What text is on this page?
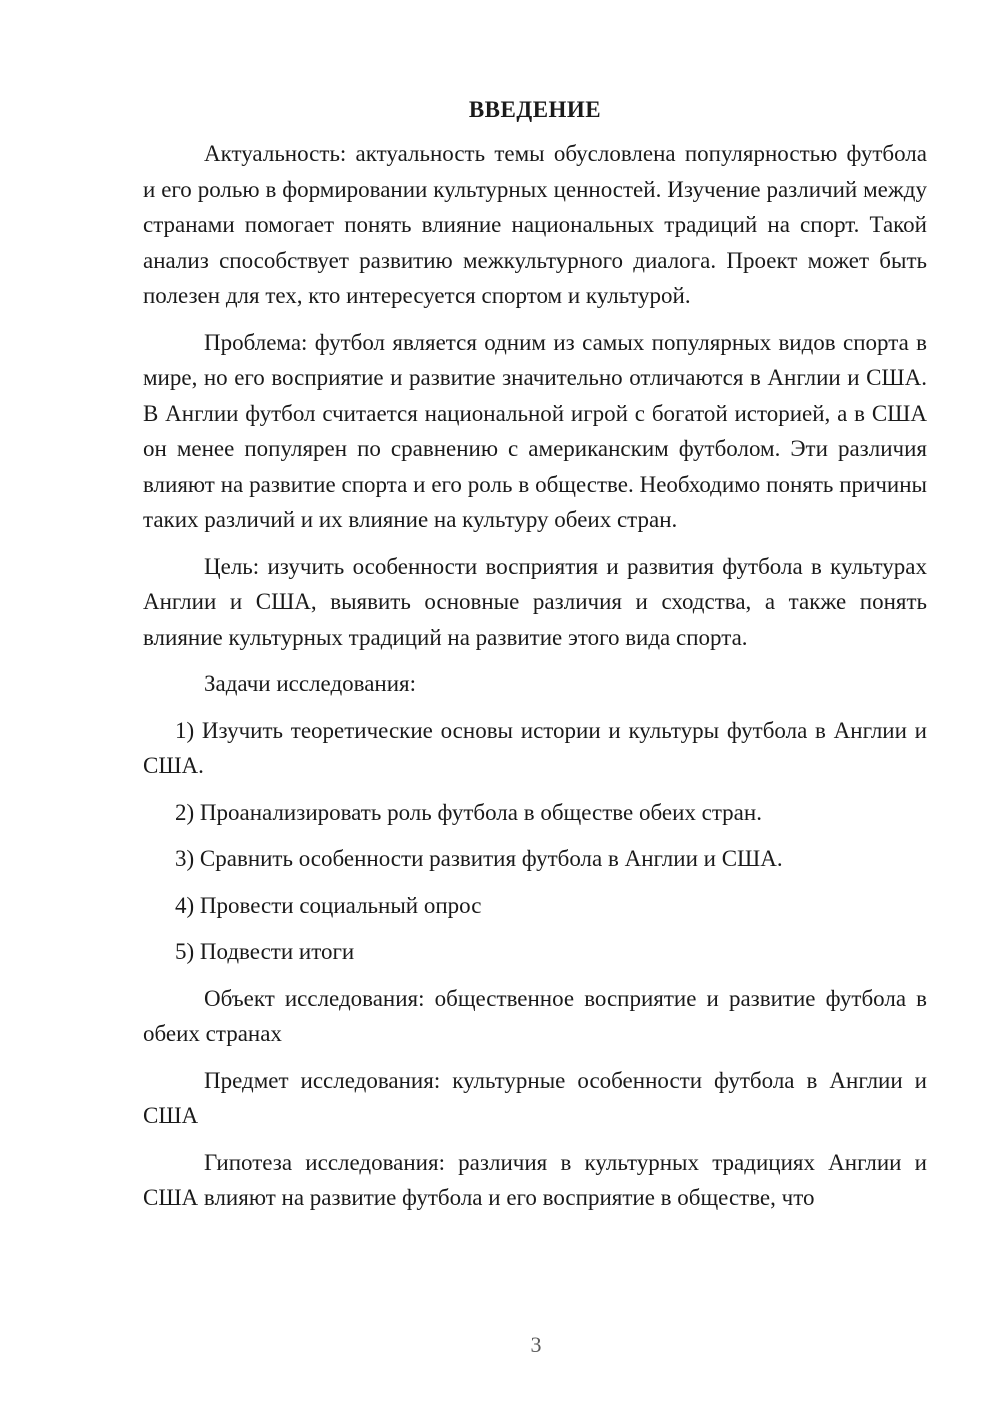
ВВЕДЕНИЕ

Актуальность: актуальность темы обусловлена популярностью футбола и его ролью в формировании культурных ценностей. Изучение различий между странами помогает понять влияние национальных традиций на спорт. Такой анализ способствует развитию межкультурного диалога. Проект может быть полезен для тех, кто интересуется спортом и культурой.

Проблема: футбол является одним из самых популярных видов спорта в мире, но его восприятие и развитие значительно отличаются в Англии и США. В Англии футбол считается национальной игрой с богатой историей, а в США он менее популярен по сравнению с американским футболом. Эти различия влияют на развитие спорта и его роль в обществе. Необходимо понять причины таких различий и их влияние на культуру обеих стран.

Цель: изучить особенности восприятия и развития футбола в культурах Англии и США, выявить основные различия и сходства, а также понять влияние культурных традиций на развитие этого вида спорта.

Задачи исследования:

1) Изучить теоретические основы истории и культуры футбола в Англии и США.

2) Проанализировать роль футбола в обществе обеих стран.

3) Сравнить особенности развития футбола в Англии и США.

4) Провести социальный опрос

5) Подвести итоги

Объект исследования: общественное восприятие и развитие футбола в обеих странах

Предмет исследования: культурные особенности футбола в Англии и США

Гипотеза исследования: различия в культурных традициях Англии и США влияют на развитие футбола и его восприятие в обществе, что

3
